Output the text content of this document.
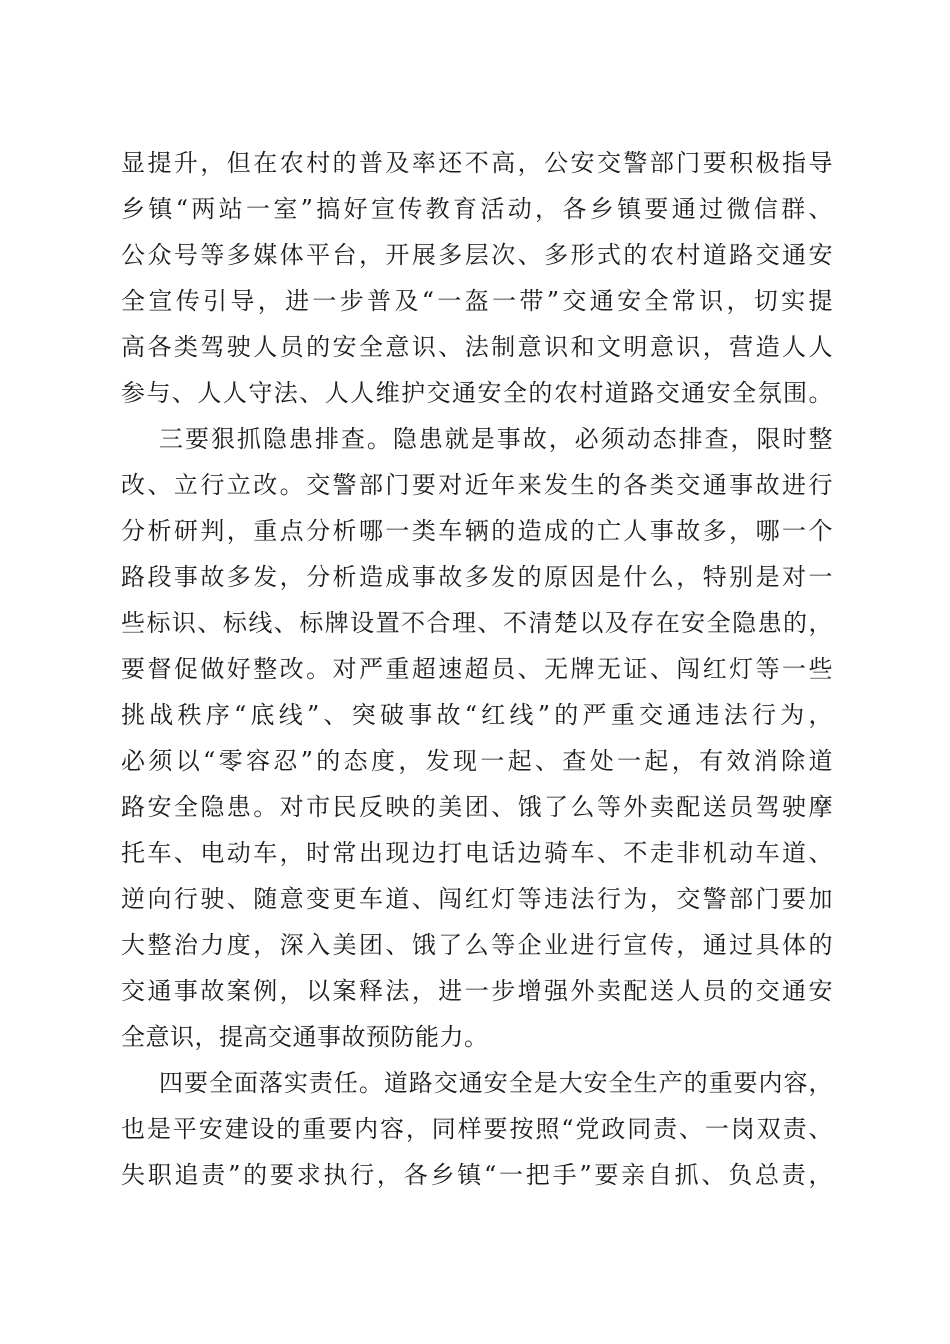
显提升，但在农村的普及率还不高，公安交警部门要积极指导
乡镇“两站一室”搞好宣传教育活动，各乡镇要通过微信群、
公众号等多媒体平台，开展多层次、多形式的农村道路交通安
全宣传引导，进一步普及“一盔一带”交通安全常识，切实提
高各类驾驶人员的安全意识、法制意识和文明意识，营造人人
参与、人人守法、人人维护交通安全的农村道路交通安全氛围。
三要狠抓隐患排查。隐患就是事故，必须动态排查，限时整
改、立行立改。交警部门要对近年来发生的各类交通事故进行
分析研判，重点分析哪一类车辆的造成的亡人事故多，哪一个
路段事故多发，分析造成事故多发的原因是什么，特别是对一
些标识、标线、标牌设置不合理、不清楚以及存在安全隐患的，
要督促做好整改。对严重超速超员、无牌无证、闯红灯等一些
挑战秩序“底线”、突破事故“红线”的严重交通违法行为，
必须以“零容忍”的态度，发现一起、查处一起，有效消除道
路安全隐患。对市民反映的美团、饿了么等外卖配送员驾驶摩
托车、电动车，时常出现边打电话边骑车、不走非机动车道、
逆向行驶、随意变更车道、闯红灯等违法行为，交警部门要加
大整治力度，深入美团、饿了么等企业进行宣传，通过具体的
交通事故案例，以案释法，进一步增强外卖配送人员的交通安
全意识，提高交通事故预防能力。
四要全面落实责任。道路交通安全是大安全生产的重要内容，
也是平安建设的重要内容，同样要按照“党政同责、一岗双责、
失职追责”的要求执行，各乡镇“一把手”要亲自抓、负总责，
